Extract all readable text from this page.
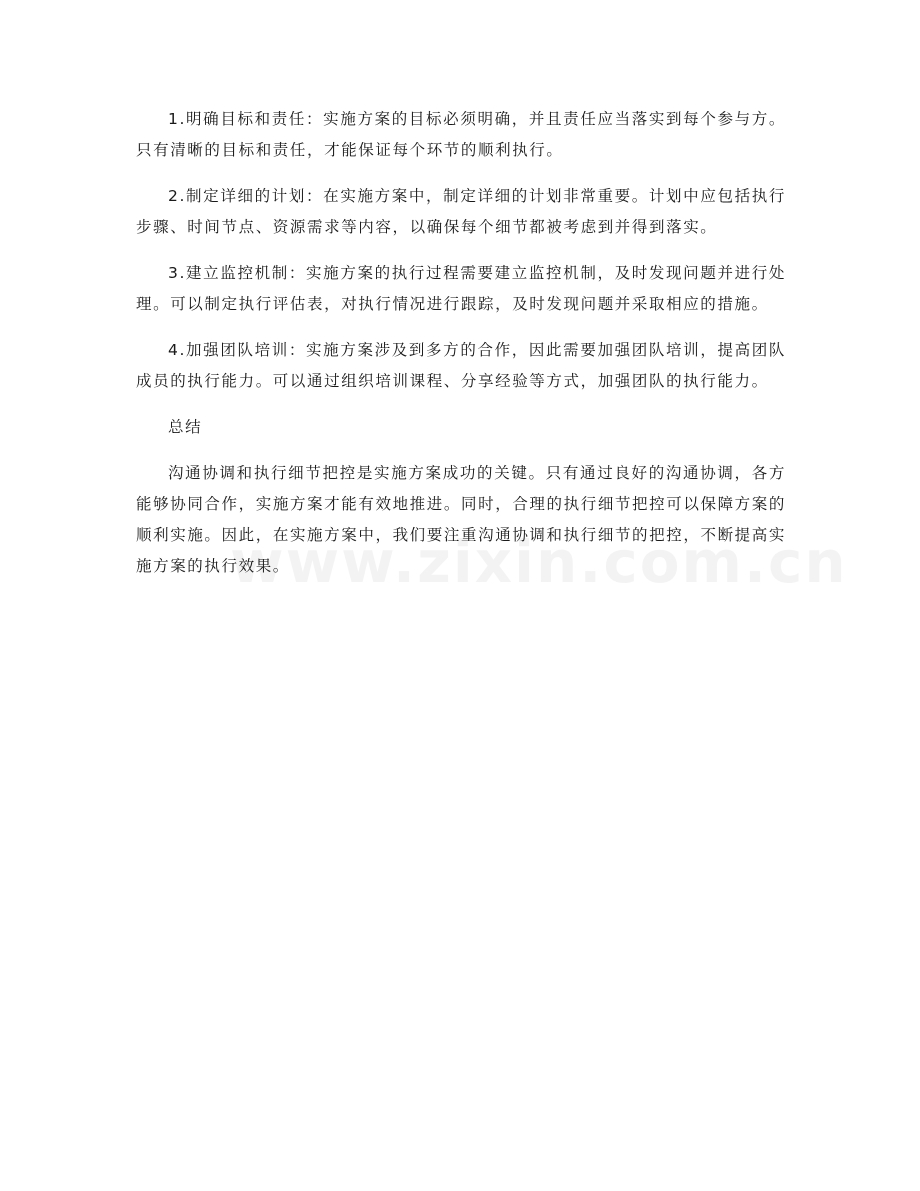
1.明确目标和责任：实施方案的目标必须明确，并且责任应当落实到每个参与方。只有清晰的目标和责任，才能保证每个环节的顺利执行。

2.制定详细的计划：在实施方案中，制定详细的计划非常重要。计划中应包括执行步骤、时间节点、资源需求等内容，以确保每个细节都被考虑到并得到落实。

3.建立监控机制：实施方案的执行过程需要建立监控机制，及时发现问题并进行处理。可以制定执行评估表，对执行情况进行跟踪，及时发现问题并采取相应的措施。

4.加强团队培训：实施方案涉及到多方的合作，因此需要加强团队培训，提高团队成员的执行能力。可以通过组织培训课程、分享经验等方式，加强团队的执行能力。

总结

沟通协调和执行细节把控是实施方案成功的关键。只有通过良好的沟通协调，各方能够协同合作，实施方案才能有效地推进。同时，合理的执行细节把控可以保障方案的顺利实施。因此，在实施方案中，我们要注重沟通协调和执行细节的把控，不断提高实施方案的执行效果。
